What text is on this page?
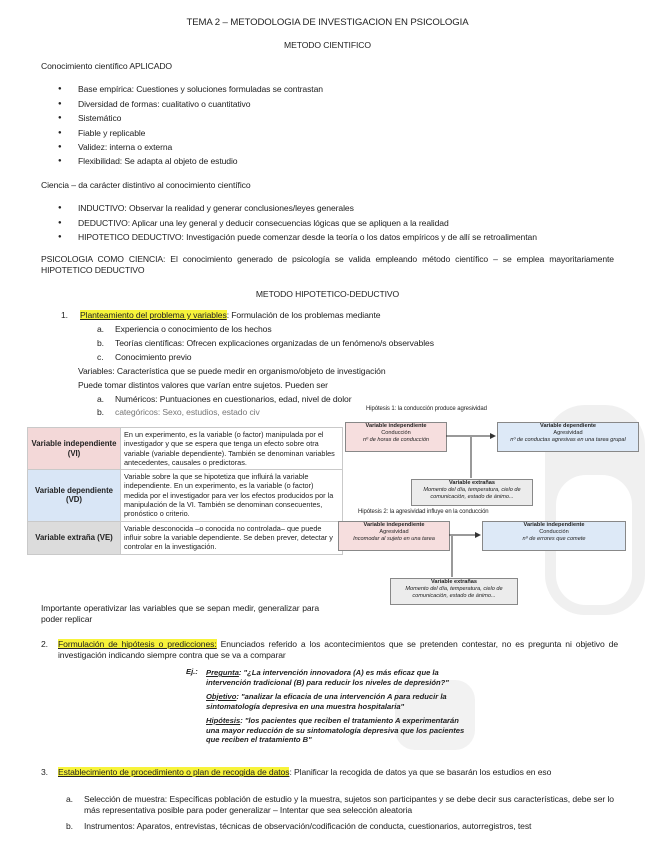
TEMA 2 – METODOLOGIA DE INVESTIGACION EN PSICOLOGIA
METODO CIENTIFICO
Conocimiento científico APLICADO
● Base empírica: Cuestiones y soluciones formuladas se contrastan
● Diversidad de formas: cualitativo o cuantitativo
● Sistemático
● Fiable y replicable
● Validez: interna o externa
● Flexibilidad: Se adapta al objeto de estudio
Ciencia – da carácter distintivo al conocimiento científico
● INDUCTIVO: Observar la realidad y generar conclusiones/leyes generales
● DEDUCTIVO: Aplicar una ley general y deducir consecuencias lógicas que se apliquen a la realidad
● HIPOTETICO DEDUCTIVO: Investigación puede comenzar desde la teoría o los datos empíricos y de allí se retroalimentan
PSICOLOGIA COMO CIENCIA: El conocimiento generado de psicología se valida empleando método científico – se emplea mayoritariamente HIPOTETICO DEDUCTIVO
METODO HIPOTETICO-DEDUCTIVO
1. Planteamiento del problema y variables: Formulación de los problemas mediante
a. Experiencia o conocimiento de los hechos
b. Teorías científicas: Ofrecen explicaciones organizadas de un fenómeno/s observables
c. Conocimiento previo
Variables: Característica que se puede medir en organismo/objeto de investigación
Puede tomar distintos valores que varían entre sujetos. Pueden ser
a. Numéricos: Puntuaciones en cuestionarios, edad, nivel de dolor
b. categóricos: Sexo, estudios, estado civ
Variable independiente (VI)	En un experimento, es la variable (o factor) manipulada por el investigador y que se espera que tenga un efecto sobre otra variable (variable dependiente). También se denominan variables antecedentes, causales o predictoras.
Variable dependiente (VD)	Variable sobre la que se hipotetiza que influirá la variable independiente. En un experimento, es la variable (o factor) medida por el investigador para ver los efectos producidos por la manipulación de la VI. También se denominan consecuentes, pronóstico o criterio.
Variable extraña (VE)	Variable desconocida –o conocida no controlada– que puede influir sobre la variable dependiente. Se deben prever, detectar y controlar en la investigación.
Hipótesis 1: la conducción produce agresividad
Variable independiente
Conducción
nº de horas de conducción
Variable dependiente
Agresividad
nº de conductas agresivas en una tarea grupal
Variable extrañas
Momento del día, temperatura, cielo de comunicación, estado de ánimo...
Hipótesis 2: la agresividad influye en la conducción
Variable independiente
Agresividad
Incomodar al sujeto en una tarea
Variable independiente
Conducción
nº de errores que comete
Variable extrañas
Momento del día, temperatura, cielo de comunicación, estado de ánimo...
Importante operativizar las variables que se sepan medir, generalizar para poder replicar
2. Formulación de hipótesis o predicciones: Enunciados referido a los acontecimientos que se pretenden contestar, no es pregunta ni objetivo de investigación indicando siempre contra que se va a comparar
Ej.: Pregunta: "¿La intervención innovadora (A) es más eficaz que la intervención tradicional (B) para reducir los niveles de depresión?"
Objetivo: "analizar la eficacia de una intervención A para reducir la sintomatología depresiva en una muestra hospitalaria"
Hipótesis: "los pacientes que reciben el tratamiento A experimentarán una mayor reducción de su sintomatología depresiva que los pacientes que reciben el tratamiento B"
3. Establecimiento de procedimiento o plan de recogida de datos: Planificar la recogida de datos ya que se basarán los estudios en eso
a. Selección de muestra: Específicas población de estudio y la muestra, sujetos son participantes y se debe decir sus características, debe ser lo más representativa posible para poder generalizar – Intentar que sea selección aleatoria
b. Instrumentos: Aparatos, entrevistas, técnicas de observación/codificación de conducta, cuestionarios, autorregistros, test
